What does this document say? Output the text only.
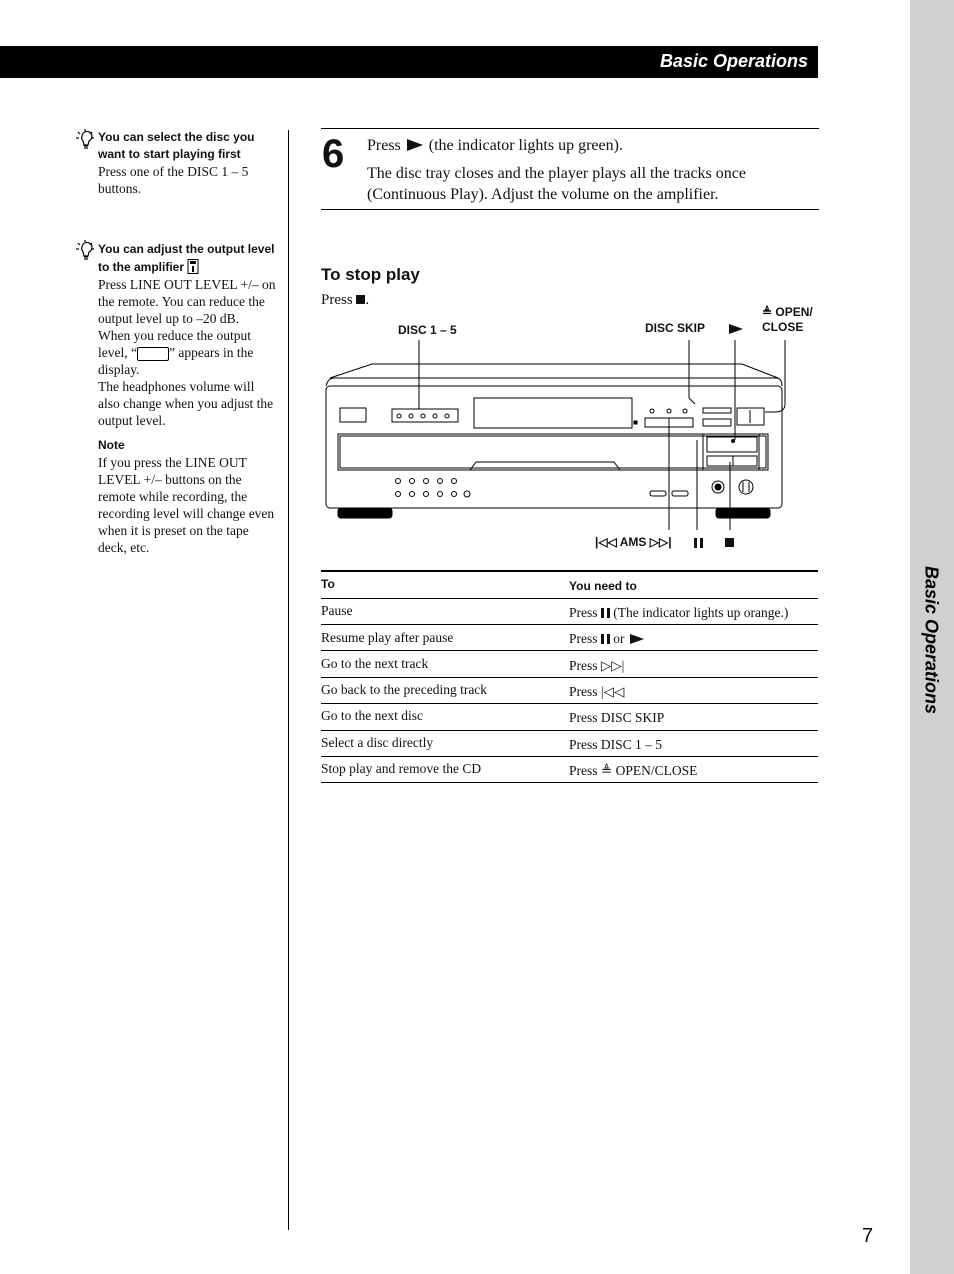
Basic Operations
Basic Operations
You can select the disc you want to start playing first
Press one of the DISC 1 – 5 buttons.
You can adjust the output level to the amplifier
Press LINE OUT LEVEL +/– on the remote. You can reduce the output level up to –20 dB.
When you reduce the output level, “ ” appears in the display.
The headphones volume will also change when you adjust the output level.
Note
If you press the LINE OUT LEVEL +/– buttons on the remote while recording, the recording level will change even when it is preset on the tape deck, etc.
6 Press (the indicator lights up green).

The disc tray closes and the player plays all the tracks once (Continuous Play). Adjust the volume on the amplifier.

To stop play
Press .
DISC 1 – 5	DISC SKIP
≜ OPEN/
CLOSE
|◁◁ AMS ▷▷|
To	You need to
Pause	Press (The indicator lights up orange.)
Resume play after pause	Press or
Go to the next track	Press ▷▷|
Go back to the preceding track	Press |◁◁
Go to the next disc	Press DISC SKIP
Select a disc directly	Press DISC 1 – 5
Stop play and remove the CD	Press ≜ OPEN/CLOSE
7
